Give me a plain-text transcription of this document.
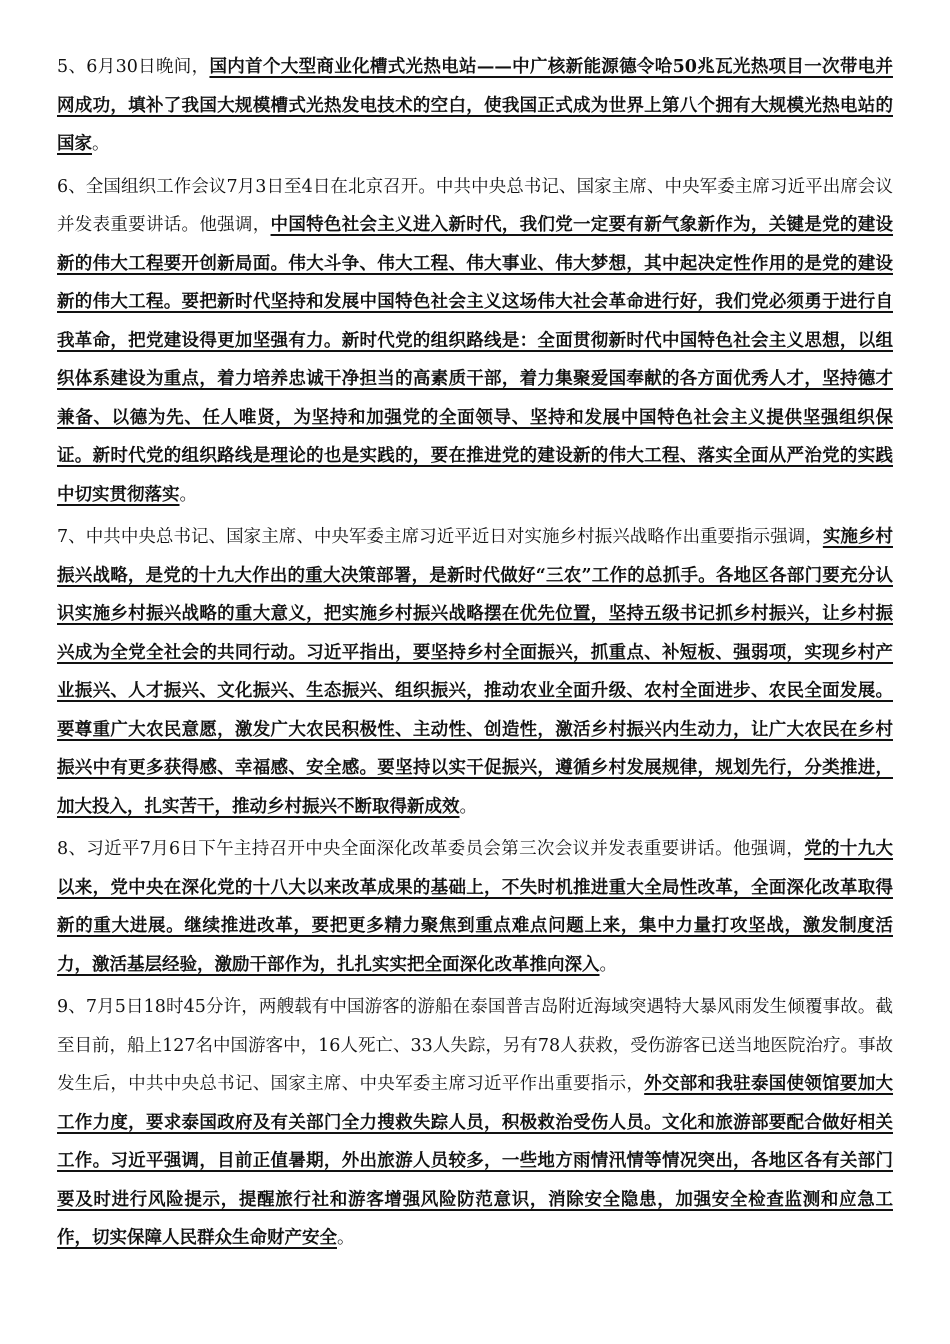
5、6月30日晚间，国内首个大型商业化槽式光热电站——中广核新能源德令哈50兆瓦光热项目一次带电并网成功，填补了我国大规模槽式光热发电技术的空白，使我国正式成为世界上第八个拥有大规模光热电站的国家。

6、全国组织工作会议7月3日至4日在北京召开。中共中央总书记、国家主席、中央军委主席习近平出席会议并发表重要讲话。他强调，中国特色社会主义进入新时代，我们党一定要有新气象新作为，关键是党的建设新的伟大工程要开创新局面。伟大斗争、伟大工程、伟大事业、伟大梦想，其中起决定性作用的是党的建设新的伟大工程。要把新时代坚持和发展中国特色社会主义这场伟大社会革命进行好，我们党必须勇于进行自我革命，把党建设得更加坚强有力。新时代党的组织路线是：全面贯彻新时代中国特色社会主义思想，以组织体系建设为重点，着力培养忠诚干净担当的高素质干部，着力集聚爱国奉献的各方面优秀人才，坚持德才兼备、以德为先、任人唯贤，为坚持和加强党的全面领导、坚持和发展中国特色社会主义提供坚强组织保证。新时代党的组织路线是理论的也是实践的，要在推进党的建设新的伟大工程、落实全面从严治党的实践中切实贯彻落实。

7、中共中央总书记、国家主席、中央军委主席习近平近日对实施乡村振兴战略作出重要指示强调，实施乡村振兴战略，是党的十九大作出的重大决策部署，是新时代做好“三农”工作的总抓手。各地区各部门要充分认识实施乡村振兴战略的重大意义，把实施乡村振兴战略摆在优先位置，坚持五级书记抓乡村振兴，让乡村振兴成为全党全社会的共同行动。习近平指出，要坚持乡村全面振兴，抓重点、补短板、强弱项，实现乡村产业振兴、人才振兴、文化振兴、生态振兴、组织振兴，推动农业全面升级、农村全面进步、农民全面发展。要尊重广大农民意愿，激发广大农民积极性、主动性、创造性，激活乡村振兴内生动力，让广大农民在乡村振兴中有更多获得感、幸福感、安全感。要坚持以实干促振兴，遵循乡村发展规律，规划先行，分类推进，加大投入，扎实苦干，推动乡村振兴不断取得新成效。

8、习近平7月6日下午主持召开中央全面深化改革委员会第三次会议并发表重要讲话。他强调，党的十九大以来，党中央在深化党的十八大以来改革成果的基础上，不失时机推进重大全局性改革，全面深化改革取得新的重大进展。继续推进改革，要把更多精力聚焦到重点难点问题上来，集中力量打攻坚战，激发制度活力，激活基层经验，激励干部作为，扎扎实实把全面深化改革推向深入。

9、7月5日18时45分许，两艘载有中国游客的游船在泰国普吉岛附近海域突遇特大暴风雨发生倾覆事故。截至目前，船上127名中国游客中，16人死亡、33人失踪，另有78人获救，受伤游客已送当地医院治疗。事故发生后，中共中央总书记、国家主席、中央军委主席习近平作出重要指示，外交部和我驻泰国使领馆要加大工作力度，要求泰国政府及有关部门全力搜救失踪人员，积极救治受伤人员。文化和旅游部要配合做好相关工作。习近平强调，目前正值暑期，外出旅游人员较多，一些地方雨情汛情等情况突出，各地区各有关部门要及时进行风险提示，提醒旅行社和游客增强风险防范意识，消除安全隐患，加强安全检查监测和应急工作，切实保障人民群众生命财产安全。
